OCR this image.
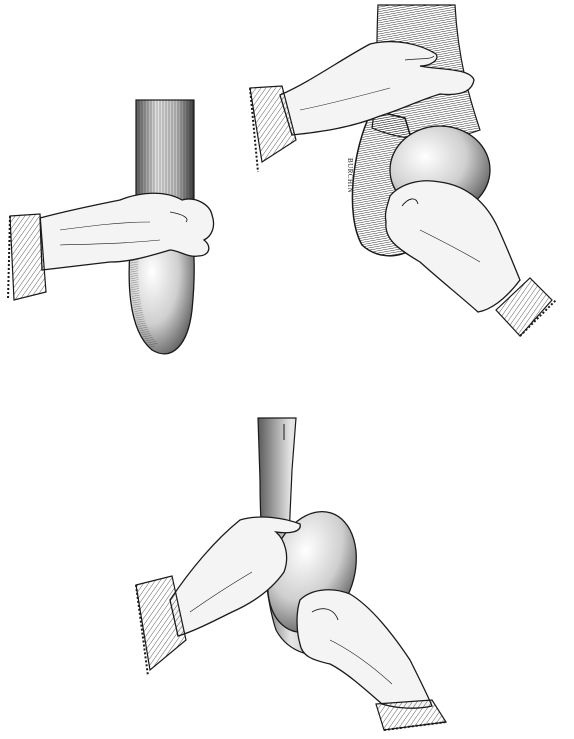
BURCHIN
